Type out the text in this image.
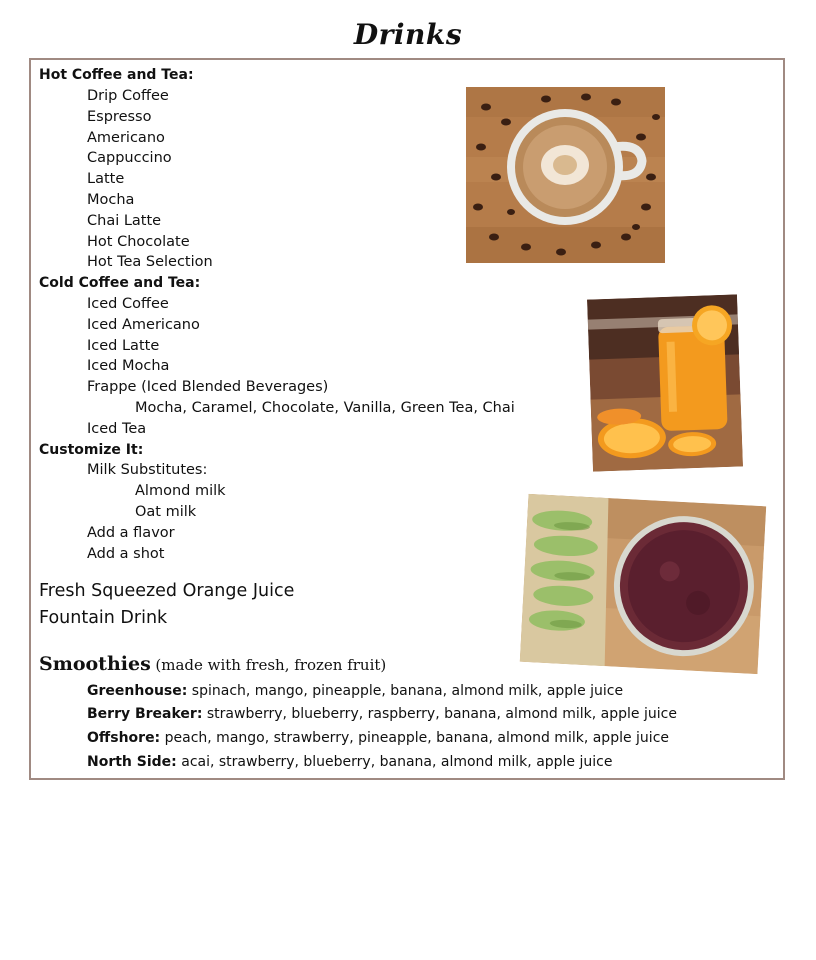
Drinks
Hot Coffee and Tea:
Drip Coffee
Espresso
Americano
Cappuccino
Latte
Mocha
Chai Latte
Hot Chocolate
Hot Tea Selection
Cold Coffee and Tea:
Iced Coffee
Iced Americano
Iced Latte
Iced Mocha
Frappe (Iced Blended Beverages)
Mocha, Caramel, Chocolate, Vanilla, Green Tea, Chai
Iced Tea
Customize It:
Milk Substitutes:
Almond milk
Oat milk
Add a flavor
Add a shot
Fresh Squeezed Orange Juice
Fountain Drink
Smoothies (made with fresh, frozen fruit)
Greenhouse: spinach, mango, pineapple, banana, almond milk, apple juice
Berry Breaker: strawberry, blueberry, raspberry, banana, almond milk, apple juice
Offshore: peach, mango, strawberry, pineapple, banana, almond milk, apple juice
North Side: acai, strawberry, blueberry, banana, almond milk, apple juice
